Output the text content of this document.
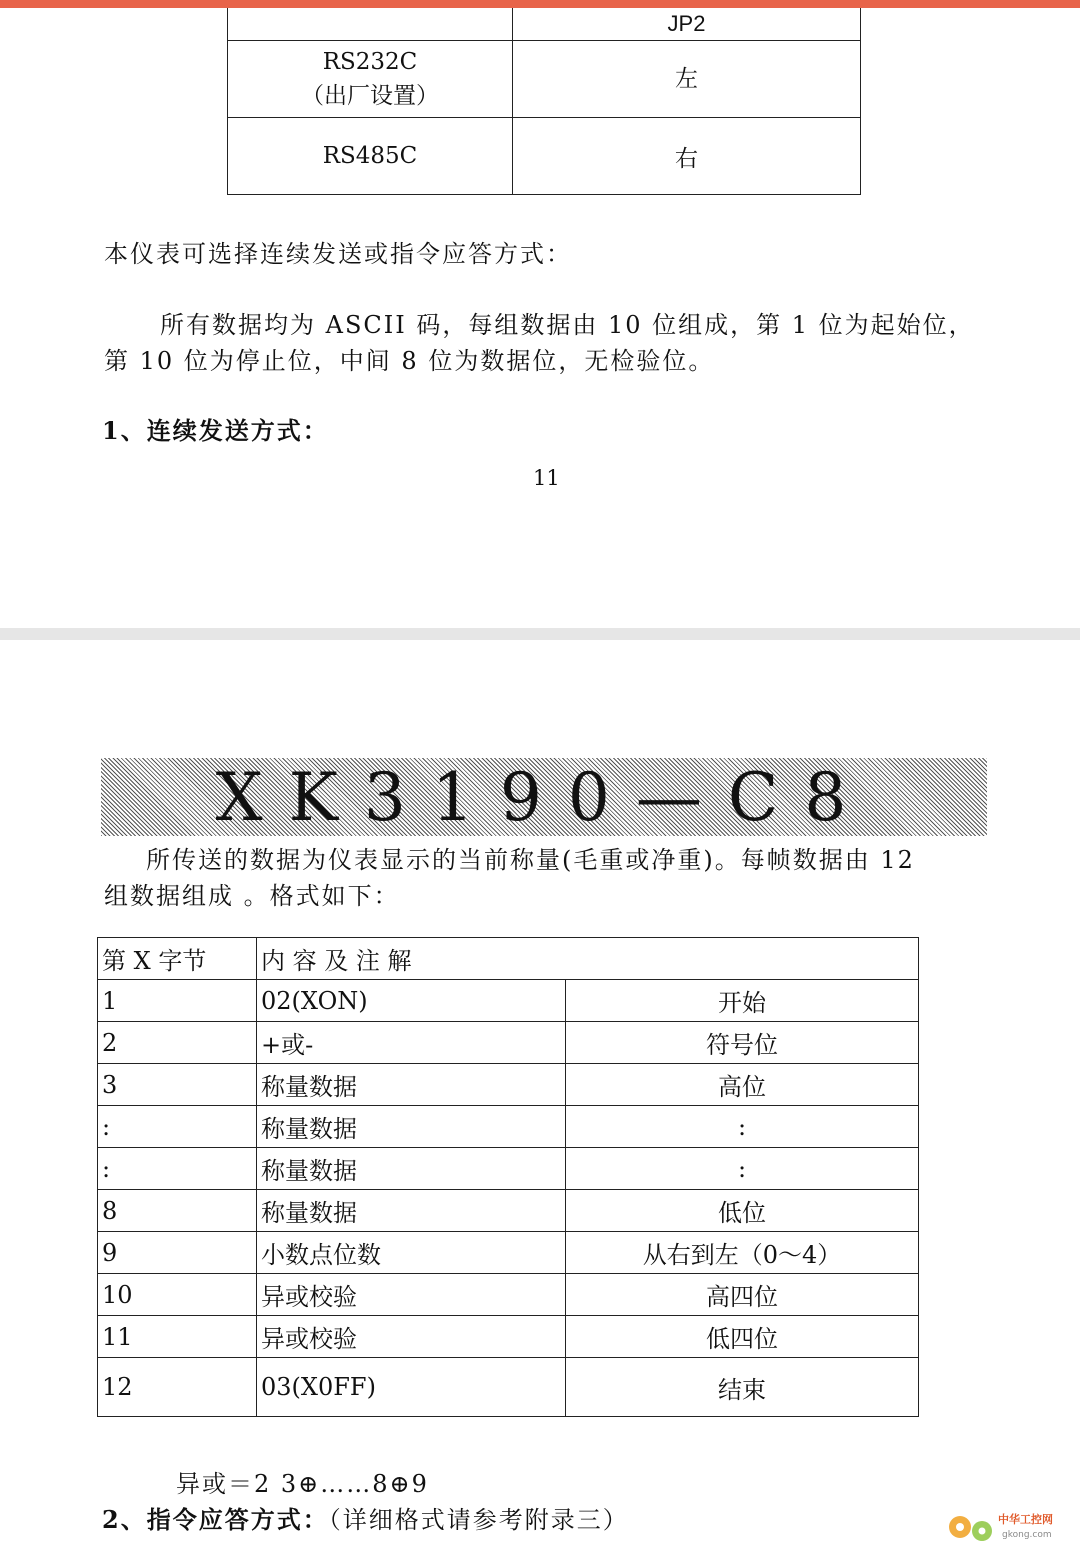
	JP2

RS232C
（出厂设置）	左
RS485C	右
本仪表可选择连续发送或指令应答方式：
所有数据均为 ASCII 码，每组数据由 10 位组成，第 1 位为起始位，
第 10 位为停止位，中间 8 位为数据位，无检验位。
1、连续发送方式：
11
XK3190—C8
所传送的数据为仪表显示的当前称量(毛重或净重)。每帧数据由 12
组数据组成 。格式如下：
第 X 字节	内 容 及 注 解	
1	02(XON)	开始
2	+或-	符号位
3	称量数据	高位
:	称量数据	:
:	称量数据	:
8	称量数据	低位
9	小数点位数	从右到左（0～4）
10	异或校验	高四位
11	异或校验	低四位
12	03(X0FF)	结束
异或＝2 3⊕……8⊕9
2、指令应答方式：（详细格式请参考附录三）	中华工控网
gkong.com
